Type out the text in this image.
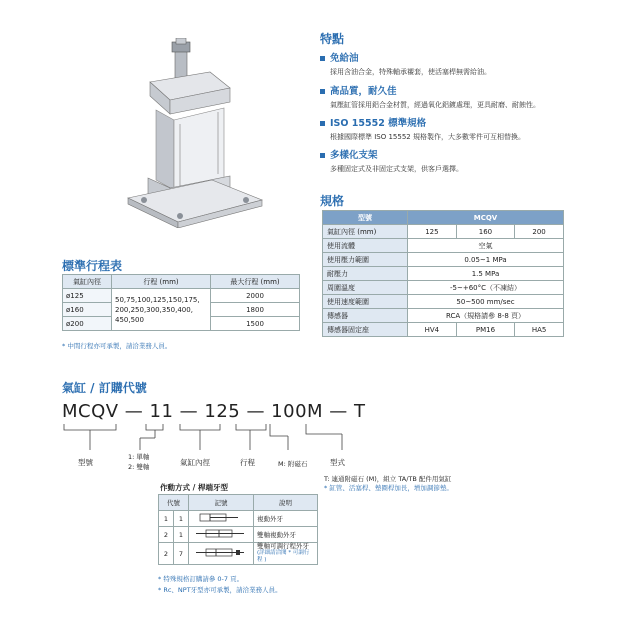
特點
免給油
採用含油合金，特殊軸承襯套，使活塞桿無需給油。
高品質，耐久佳
氣壓缸管採用鋁合金材質，經過氧化鋁鍍處理，更具耐磨、耐蝕性。
ISO 15552 標準規格
根據國際標準 ISO 15552 規格製作，大多數零件可互相替換。
多樣化支架
多種固定式及非固定式支架，供客戶選擇。
規格
型號	MCQV		
氣缸內徑 (mm)	125	160	200
使用流體	空氣		
使用壓力範圍	0.05~1 MPa		
耐壓力	1.5 MPa		
周圍溫度	-5~+60°C（不凍結）		
使用速度範圍	50~500 mm/sec		
傳感器	RCA（規格請參 8-8 頁）		
傳感器固定座	HV4	PM16	HA5
標準行程表
氣缸內徑	行程 (mm)	最大行程 (mm)
ø125	50,75,100,125,150,175, 200,250,300,350,400, 450,500	2000
ø160		1800
ø200		1500
* 中間行程亦可承製，請洽業務人員。
氣缸 / 訂購代號
MCQV — 11 — 125 — 100M — T
型號
1: 單軸
2: 雙軸	氣缸內徑	行程	M: 附磁石	型式
T: 連通附磁石 (M)，組立 TA/TB 配件用氣缸
* 缸管、活塞桿、墊圈桿加長，增加調節墊。
作動方式 / 桿端牙型
代號		記號	說明
1	1		複動外牙
2	1		雙軸複動外牙
2	7		雙軸可調行程外牙
(詳細請洽閱 * 可調行程 )
* 特殊規格訂購請參 0-7 頁。
* Rc、NPT牙型亦可承製，請洽業務人員。
